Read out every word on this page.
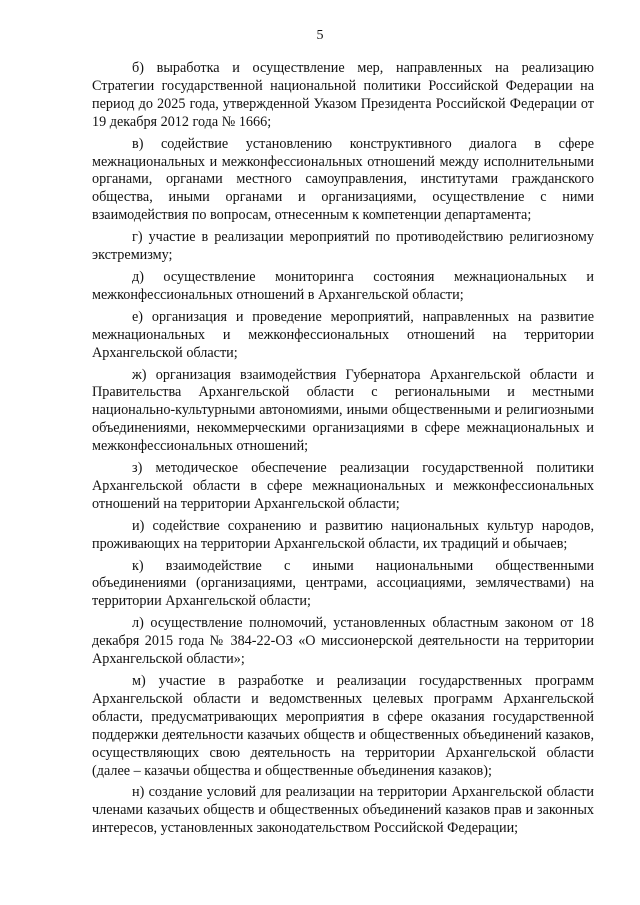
5

б) выработка и осуществление мер, направленных на реализацию Стратегии государственной национальной политики Российской Федерации на период до 2025 года, утвержденной Указом Президента Российской Федерации от 19 декабря 2012 года № 1666;

в) содействие установлению конструктивного диалога в сфере межнациональных и межконфессиональных отношений между исполнительными органами, органами местного самоуправления, институтами гражданского общества, иными органами и организациями, осуществление с ними взаимодействия по вопросам, отнесенным к компетенции департамента;

г) участие в реализации мероприятий по противодействию религиозному экстремизму;

д) осуществление мониторинга состояния межнациональных и межконфессиональных отношений в Архангельской области;

е) организация и проведение мероприятий, направленных на развитие межнациональных и межконфессиональных отношений на территории Архангельской области;

ж) организация взаимодействия Губернатора Архангельской области и Правительства Архангельской области с региональными и местными национально-культурными автономиями, иными общественными и религиозными объединениями, некоммерческими организациями в сфере межнациональных и межконфессиональных отношений;

з) методическое обеспечение реализации государственной политики Архангельской области в сфере межнациональных и межконфессиональных отношений на территории Архангельской области;

и) содействие сохранению и развитию национальных культур народов, проживающих на территории Архангельской области, их традиций и обычаев;

к) взаимодействие с иными национальными общественными объединениями (организациями, центрами, ассоциациями, землячествами) на территории Архангельской области;

л) осуществление полномочий, установленных областным законом от 18 декабря 2015 года № 384-22-ОЗ «О миссионерской деятельности на территории Архангельской области»;

м) участие в разработке и реализации государственных программ Архангельской области и ведомственных целевых программ Архангельской области, предусматривающих мероприятия в сфере оказания государственной поддержки деятельности казачьих обществ и общественных объединений казаков, осуществляющих свою деятельность на территории Архангельской области (далее – казачьи общества и общественные объединения казаков);

н) создание условий для реализации на территории Архангельской области членами казачьих обществ и общественных объединений казаков прав и законных интересов, установленных законодательством Российской Федерации;
